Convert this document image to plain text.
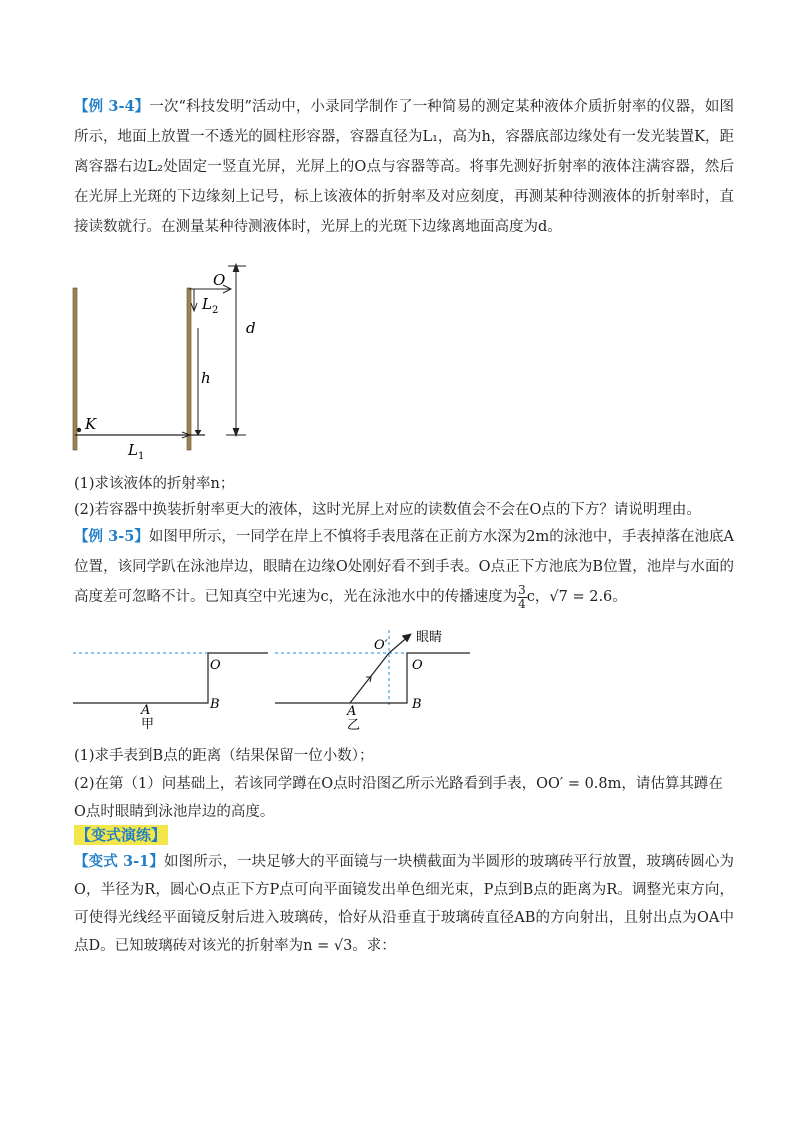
【例 3-4】一次“科技发明”活动中，小录同学制作了一种简易的测定某种液体介质折射率的仪器，如图所示，地面上放置一不透光的圆柱形容器，容器直径为L₁，高为h，容器底部边缘处有一发光装置K，距离容器右边L₂处固定一竖直光屏，光屏上的O点与容器等高。将事先测好折射率的液体注满容器，然后在光屏上光斑的下边缘刻上记号，标上该液体的折射率及对应刻度，再测某种待测液体的折射率时，直接读数就行。在测量某种待测液体时，光屏上的光斑下边缘离地面高度为d。

O
$L_2$
h
d
K
$L_1$

(1)求该液体的折射率n；

(2)若容器中换装折射率更大的液体，这时光屏上对应的读数值会不会在O点的下方？请说明理由。

【例 3-5】如图甲所示，一同学在岸上不慎将手表甩落在正前方水深为2m的泳池中，手表掉落在池底A位置，该同学趴在泳池岸边，眼睛在边缘O处刚好看不到手表。O点正下方池底为B位置，池岸与水面的高度差可忽略不计。已知真空中光速为c，光在泳池水中的传播速度为 $\frac{3}{4}$ c，√7 = 2.6。

O
B
A
甲
O′
O
B
A
乙
眼睛

(1)求手表到B点的距离（结果保留一位小数）；

(2)在第（1）问基础上，若该同学蹲在O点时沿图乙所示光路看到手表，OO′ = 0.8m，请估算其蹲在O点时眼睛到泳池岸边的高度。

【变式演练】

【变式 3-1】如图所示，一块足够大的平面镜与一块横截面为半圆形的玻璃砖平行放置，玻璃砖圆心为O，半径为R，圆心O点正下方P点可向平面镜发出单色细光束，P点到B点的距离为R。调整光束方向，可使得光线经平面镜反射后进入玻璃砖，恰好从沿垂直于玻璃砖直径AB的方向射出，且射出点为OA中点D。已知玻璃砖对该光的折射率为n = √3。求：
